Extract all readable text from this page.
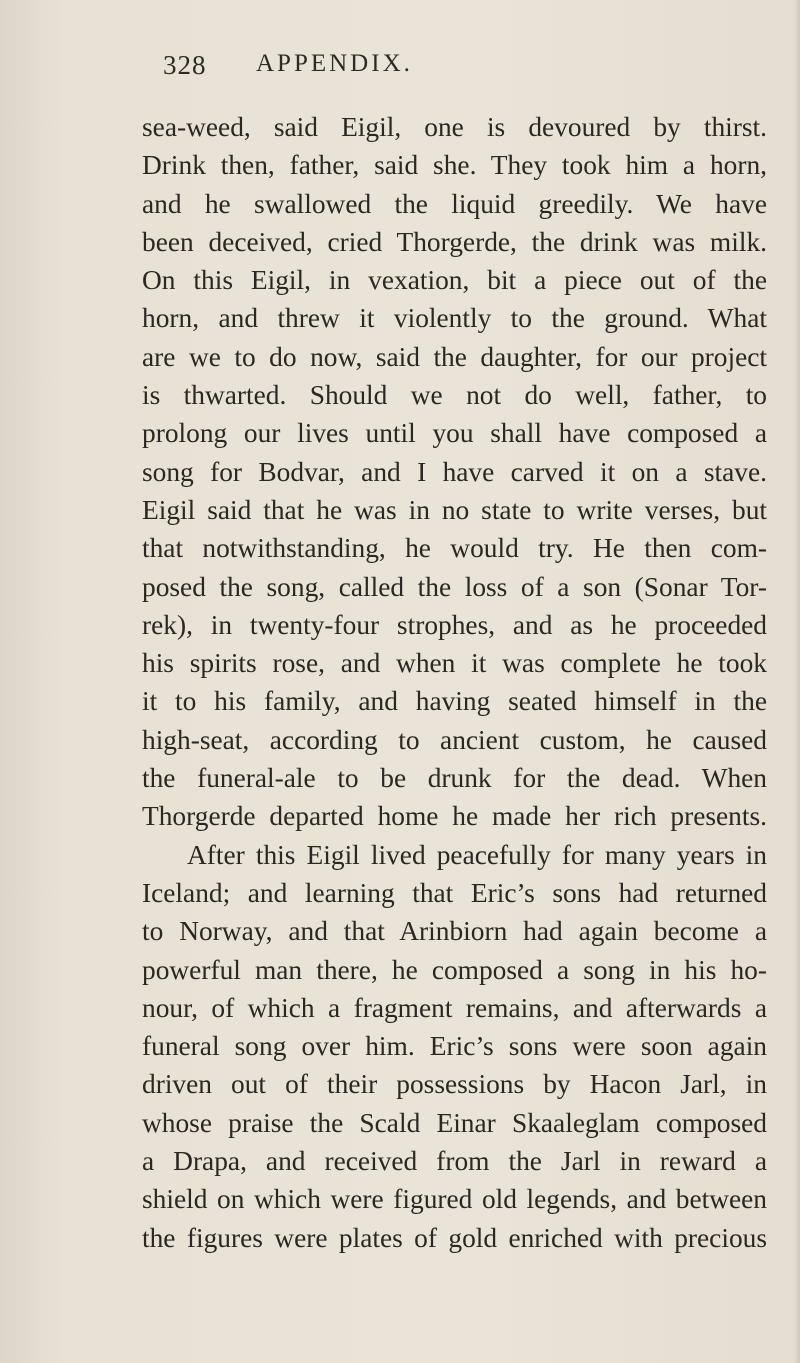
328 APPENDIX.
sea-weed, said Eigil, one is devoured by thirst.
Drink then, father, said she. They took him a horn,
and he swallowed the liquid greedily. We have
been deceived, cried Thorgerde, the drink was milk.
On this Eigil, in vexation, bit a piece out of the
horn, and threw it violently to the ground. What
are we to do now, said the daughter, for our project
is thwarted. Should we not do well, father, to
prolong our lives until you shall have composed a
song for Bodvar, and I have carved it on a stave.
Eigil said that he was in no state to write verses, but
that notwithstanding, he would try. He then com-
posed the song, called the loss of a son (Sonar Tor-
rek), in twenty-four strophes, and as he proceeded
his spirits rose, and when it was complete he took
it to his family, and having seated himself in the
high-seat, according to ancient custom, he caused
the funeral-ale to be drunk for the dead. When
Thorgerde departed home he made her rich presents.
After this Eigil lived peacefully for many years in
Iceland; and learning that Eric’s sons had returned
to Norway, and that Arinbiorn had again become a
powerful man there, he composed a song in his ho-
nour, of which a fragment remains, and afterwards a
funeral song over him. Eric’s sons were soon again
driven out of their possessions by Hacon Jarl, in
whose praise the Scald Einar Skaaleglam composed
a Drapa, and received from the Jarl in reward a
shield on which were figured old legends, and between
the figures were plates of gold enriched with precious
